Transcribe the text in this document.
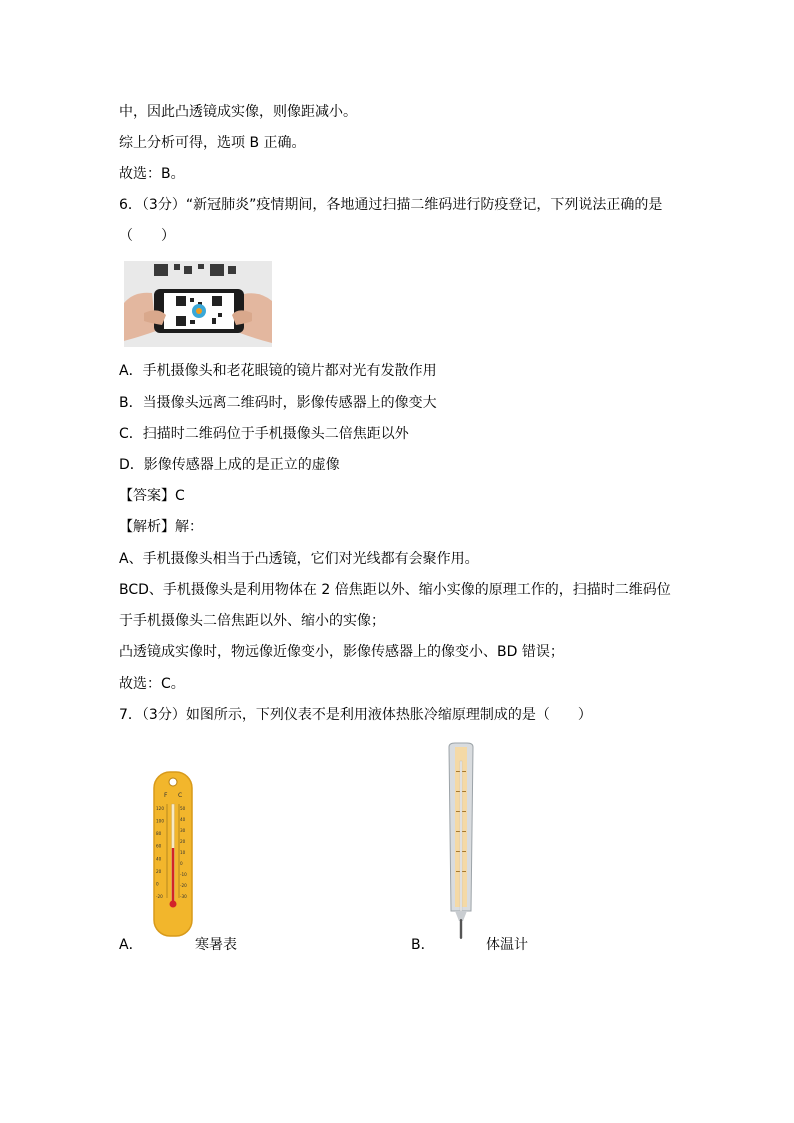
中，因此凸透镜成实像，则像距减小。
综上分析可得，选项 B 正确。
故选：B。
6．（3分）“新冠肺炎”疫情期间，各地通过扫描二维码进行防疫登记，下列说法正确的是
（　　）
A．手机摄像头和老花眼镜的镜片都对光有发散作用
B．当摄像头远离二维码时，影像传感器上的像变大
C．扫描时二维码位于手机摄像头二倍焦距以外
D．影像传感器上成的是正立的虚像
【答案】C
【解析】解：
A、手机摄像头相当于凸透镜，它们对光线都有会聚作用。
BCD、手机摄像头是利用物体在 2 倍焦距以外、缩小实像的原理工作的，扫描时二维码位
于手机摄像头二倍焦距以外、缩小的实像；
凸透镜成实像时，物远像近像变小，影像传感器上的像变小、BD 错误；
故选：C。
7．（3分）如图所示，下列仪表不是利用液体热胀冷缩原理制成的是（　　）
F C
120
100
80
60
40
20
0
-20
50
40
30
20
10
0
-10
-20
-30
A．	寒暑表	B．	体温计
